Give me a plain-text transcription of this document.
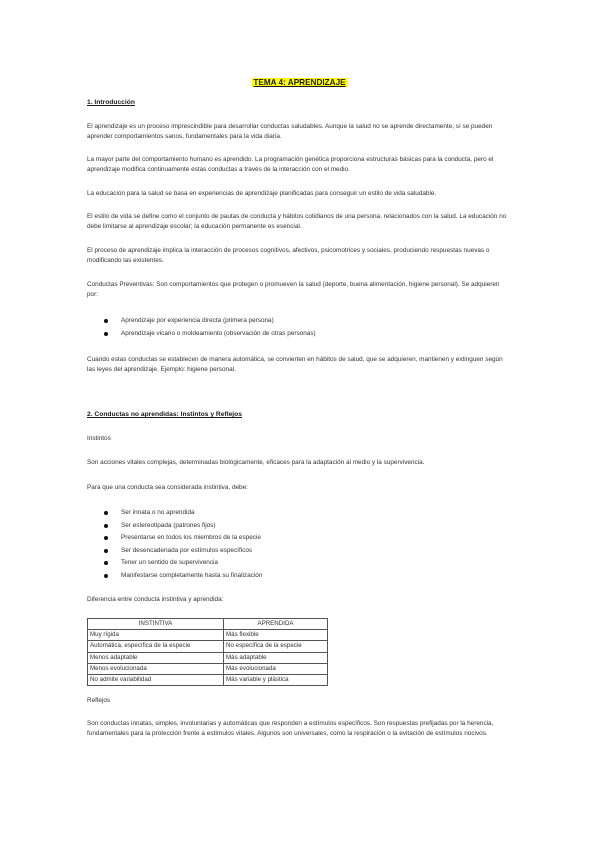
TEMA 4: APRENDIZAJE
1. Introducción
El aprendizaje es un proceso imprescindible para desarrollar conductas saludables. Aunque la salud no se aprende directamente, sí se pueden aprender comportamientos sanos, fundamentales para la vida diaria.
La mayor parte del comportamiento humano es aprendido. La programación genética proporciona estructuras básicas para la conducta, pero el aprendizaje modifica continuamente estas conductas a través de la interacción con el medio.
La educación para la salud se basa en experiencias de aprendizaje planificadas para conseguir un estilo de vida saludable.
El estilo de vida se define como el conjunto de pautas de conducta y hábitos cotidianos de una persona, relacionados con la salud. La educación no debe limitarse al aprendizaje escolar; la educación permanente es esencial.
El proceso de aprendizaje implica la interacción de procesos cognitivos, afectivos, psicomotrices y sociales, produciendo respuestas nuevas o modificando las existentes.
Conductas Preventivas: Son comportamientos que protegen o promueven la salud (deporte, buena alimentación, higiene personal). Se adquieren por:
Aprendizaje por experiencia directa (primera persona)
Aprendizaje vicario o moldeamiento (observación de otras personas)
Cuando estas conductas se establecen de manera automática, se convierten en hábitos de salud, que se adquieren, mantienen y extinguen según las leyes del aprendizaje. Ejemplo: higiene personal.
2. Conductas no aprendidas: Instintos y Reflejos
Instintos
Son acciones vitales complejas, determinadas biológicamente, eficaces para la adaptación al medio y la supervivencia.
Para que una conducta sea considerada instintiva, debe:
Ser innata o no aprendida
Ser estereotipada (patrones fijos)
Presentarse en todos los miembros de la especie
Ser desencadenada por estímulos específicos
Tener un sentido de supervivencia
Manifestarse completamente hasta su finalización
Diferencia entre conducta instintiva y aprendida:
INSTINTIVA	APRENDIDA
Muy rígida	Más flexible
Automática, específica de la especie	No específica de la especie
Menos adaptable	Más adaptable
Menos evolucionada	Más evolucionada
No admite variabilidad	Más variable y plástica
Reflejos
Son conductas innatas, simples, involuntarias y automáticas que responden a estímulos específicos. Son respuestas prefijadas por la herencia, fundamentales para la protección frente a estímulos vitales. Algunos son universales, como la respiración o la evitación de estímulos nocivos.
